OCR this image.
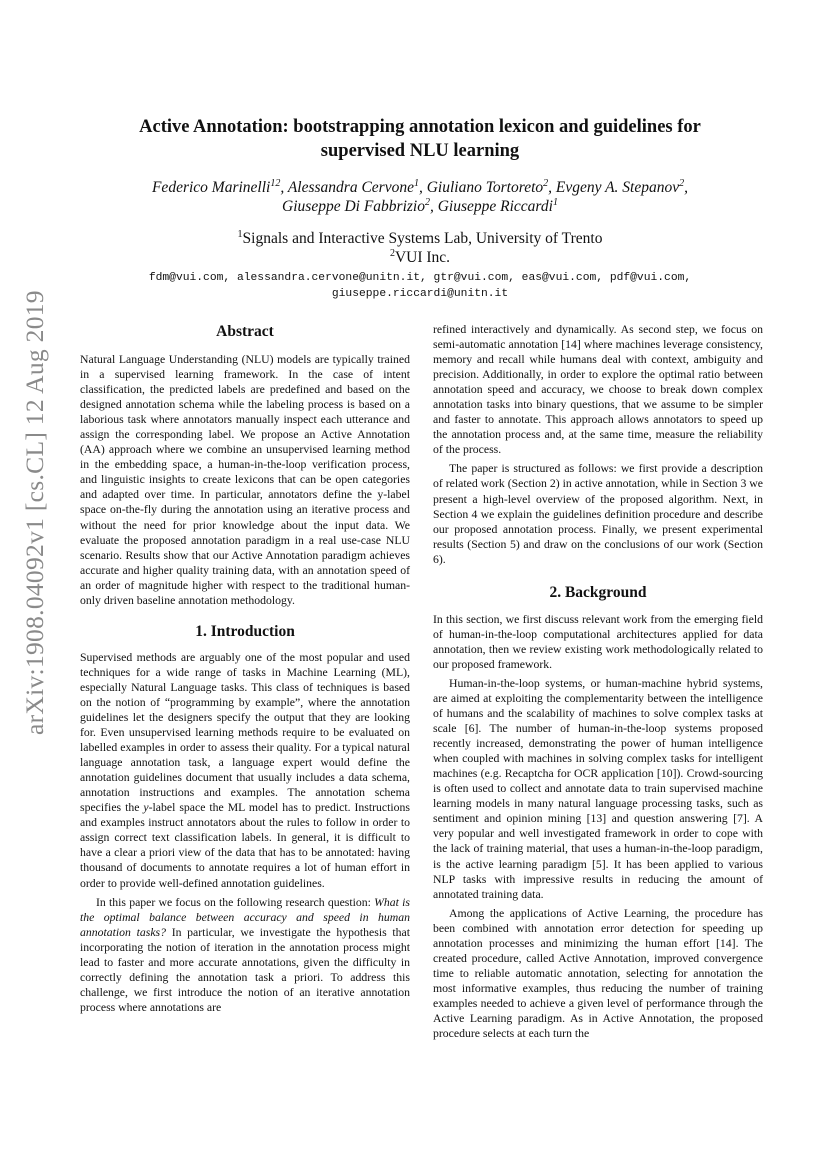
arXiv:1908.04092v1 [cs.CL] 12 Aug 2019
Active Annotation: bootstrapping annotation lexicon and guidelines for
supervised NLU learning
Federico Marinelli$^{12}$, Alessandra Cervone$^1$, Giuliano Tortoreto$^2$, Evgeny A. Stepanov$^2$,
Giuseppe Di Fabbrizio$^2$, Giuseppe Riccardi$^1$
$^1$Signals and Interactive Systems Lab, University of Trento
$^2$VUI Inc.
fdm@vui.com, alessandra.cervone@unitn.it, gtr@vui.com, eas@vui.com, pdf@vui.com,
giuseppe.riccardi@unitn.it
Abstract

Natural Language Understanding (NLU) models are typically trained in a supervised learning framework. In the case of intent classification, the predicted labels are predefined and based on the designed annotation schema while the labeling process is based on a laborious task where annotators manually inspect each utterance and assign the corresponding label. We propose an Active Annotation (AA) approach where we combine an unsupervised learning method in the embedding space, a human-in-the-loop verification process, and linguistic insights to create lexicons that can be open categories and adapted over time. In particular, annotators define the y-label space on-the-fly during the annotation using an iterative process and without the need for prior knowledge about the input data. We evaluate the proposed annotation paradigm in a real use-case NLU scenario. Results show that our Active Annotation paradigm achieves accurate and higher quality training data, with an annotation speed of an order of magnitude higher with respect to the traditional human-only driven baseline annotation methodology.

1. Introduction

Supervised methods are arguably one of the most popular and used techniques for a wide range of tasks in Machine Learning (ML), especially Natural Language tasks. This class of techniques is based on the notion of “programming by example”, where the annotation guidelines let the designers specify the output that they are looking for. Even unsupervised learning methods require to be evaluated on labelled examples in order to assess their quality. For a typical natural language annotation task, a language expert would define the annotation guidelines document that usually includes a data schema, annotation instructions and examples. The annotation schema specifies the y-label space the ML model has to predict. Instructions and examples instruct annotators about the rules to follow in order to assign correct text classification labels. In general, it is difficult to have a clear a priori view of the data that has to be annotated: having thousand of documents to annotate requires a lot of human effort in order to provide well-defined annotation guidelines.

In this paper we focus on the following research question: What is the optimal balance between accuracy and speed in human annotation tasks? In particular, we investigate the hypothesis that incorporating the notion of iteration in the annotation process might lead to faster and more accurate annotations, given the difficulty in correctly defining the annotation task a priori. To address this challenge, we first introduce the notion of an iterative annotation process where annotations are

refined interactively and dynamically. As second step, we focus on semi-automatic annotation [14] where machines leverage consistency, memory and recall while humans deal with context, ambiguity and precision. Additionally, in order to explore the optimal ratio between annotation speed and accuracy, we choose to break down complex annotation tasks into binary questions, that we assume to be simpler and faster to annotate. This approach allows annotators to speed up the annotation process and, at the same time, measure the reliability of the process.

The paper is structured as follows: we first provide a description of related work (Section 2) in active annotation, while in Section 3 we present a high-level overview of the proposed algorithm. Next, in Section 4 we explain the guidelines definition procedure and describe our proposed annotation process. Finally, we present experimental results (Section 5) and draw on the conclusions of our work (Section 6).

2. Background

In this section, we first discuss relevant work from the emerging field of human-in-the-loop computational architectures applied for data annotation, then we review existing work methodologically related to our proposed framework.

Human-in-the-loop systems, or human-machine hybrid systems, are aimed at exploiting the complementarity between the intelligence of humans and the scalability of machines to solve complex tasks at scale [6]. The number of human-in-the-loop systems proposed recently increased, demonstrating the power of human intelligence when coupled with machines in solving complex tasks for intelligent machines (e.g. Recaptcha for OCR application [10]). Crowd-sourcing is often used to collect and annotate data to train supervised machine learning models in many natural language processing tasks, such as sentiment and opinion mining [13] and question answering [7]. A very popular and well investigated framework in order to cope with the lack of training material, that uses a human-in-the-loop paradigm, is the active learning paradigm [5]. It has been applied to various NLP tasks with impressive results in reducing the amount of annotated training data.

Among the applications of Active Learning, the procedure has been combined with annotation error detection for speeding up annotation processes and minimizing the human effort [14]. The created procedure, called Active Annotation, improved convergence time to reliable automatic annotation, selecting for annotation the most informative examples, thus reducing the number of training examples needed to achieve a given level of performance through the Active Learning paradigm. As in Active Annotation, the proposed procedure selects at each turn the
